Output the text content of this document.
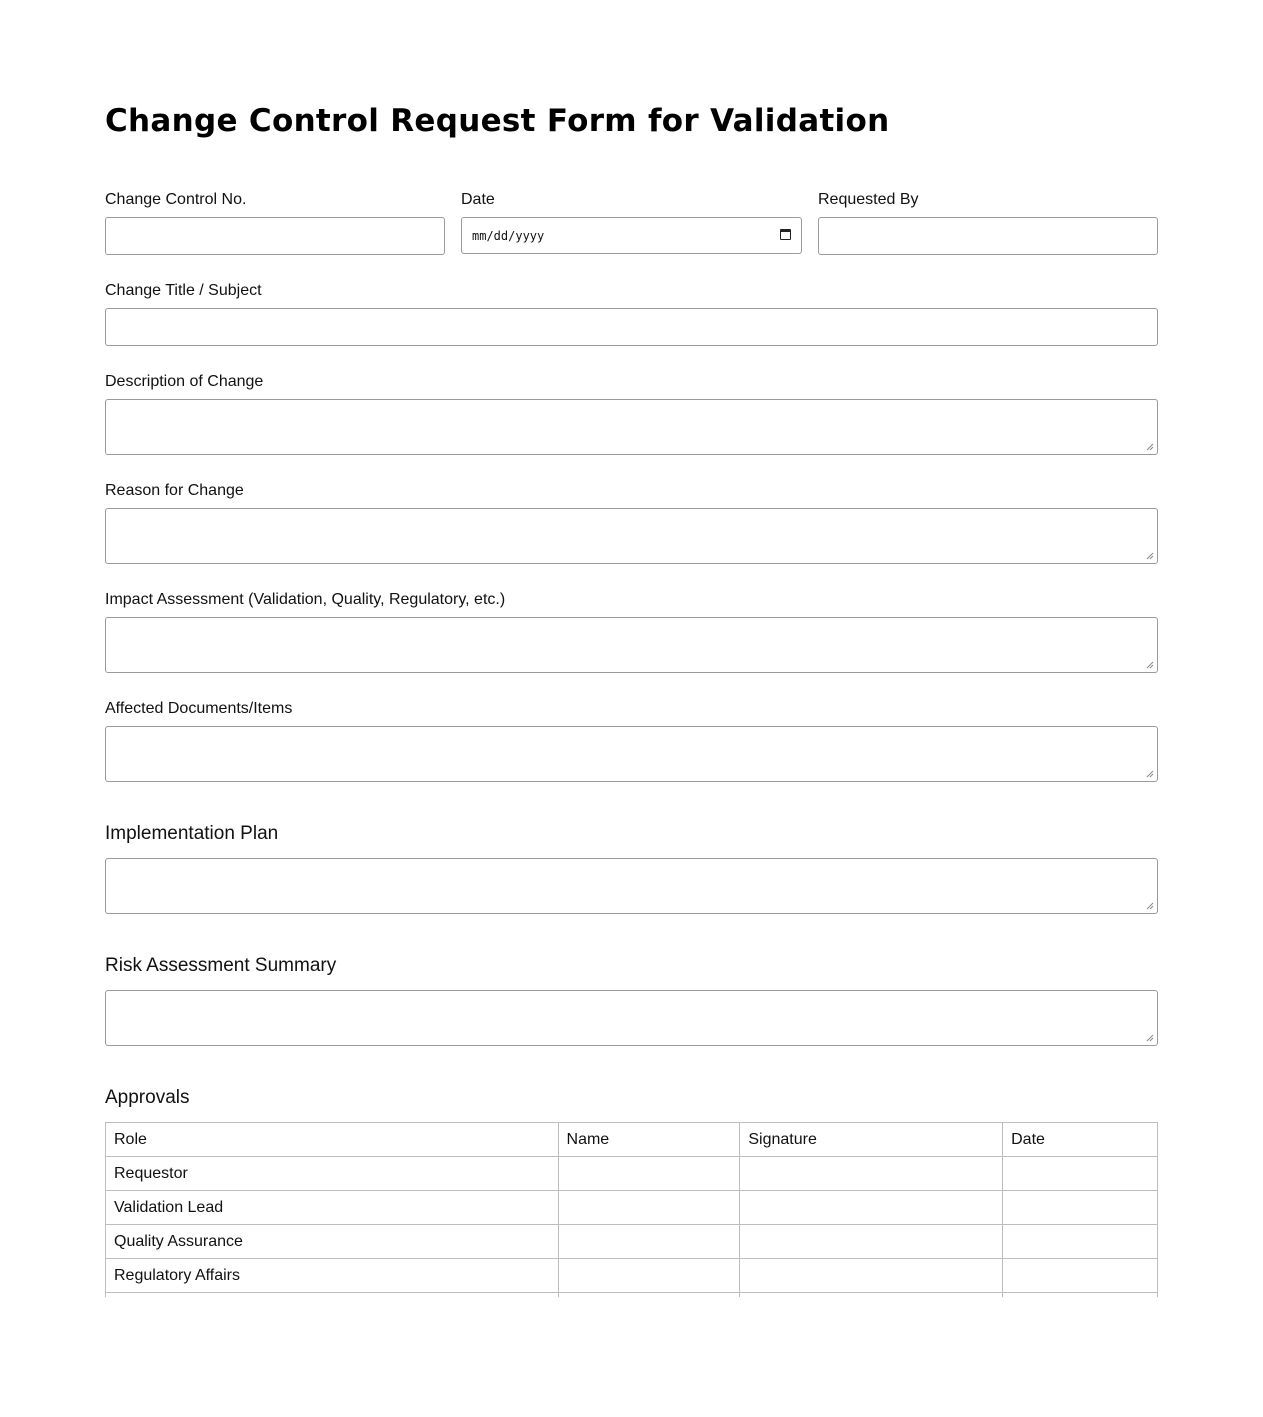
Change Control Request Form for Validation
Change Control No.	Date
mm/dd/yyyy
Requested By
Change Title / Subject
Description of Change
Reason for Change
Impact Assessment (Validation, Quality, Regulatory, etc.)
Affected Documents/Items
Implementation Plan
Risk Assessment Summary
Approvals
Role	Name	Signature	Date
Requestor			
Validation Lead			
Quality Assurance			
Regulatory Affairs			
